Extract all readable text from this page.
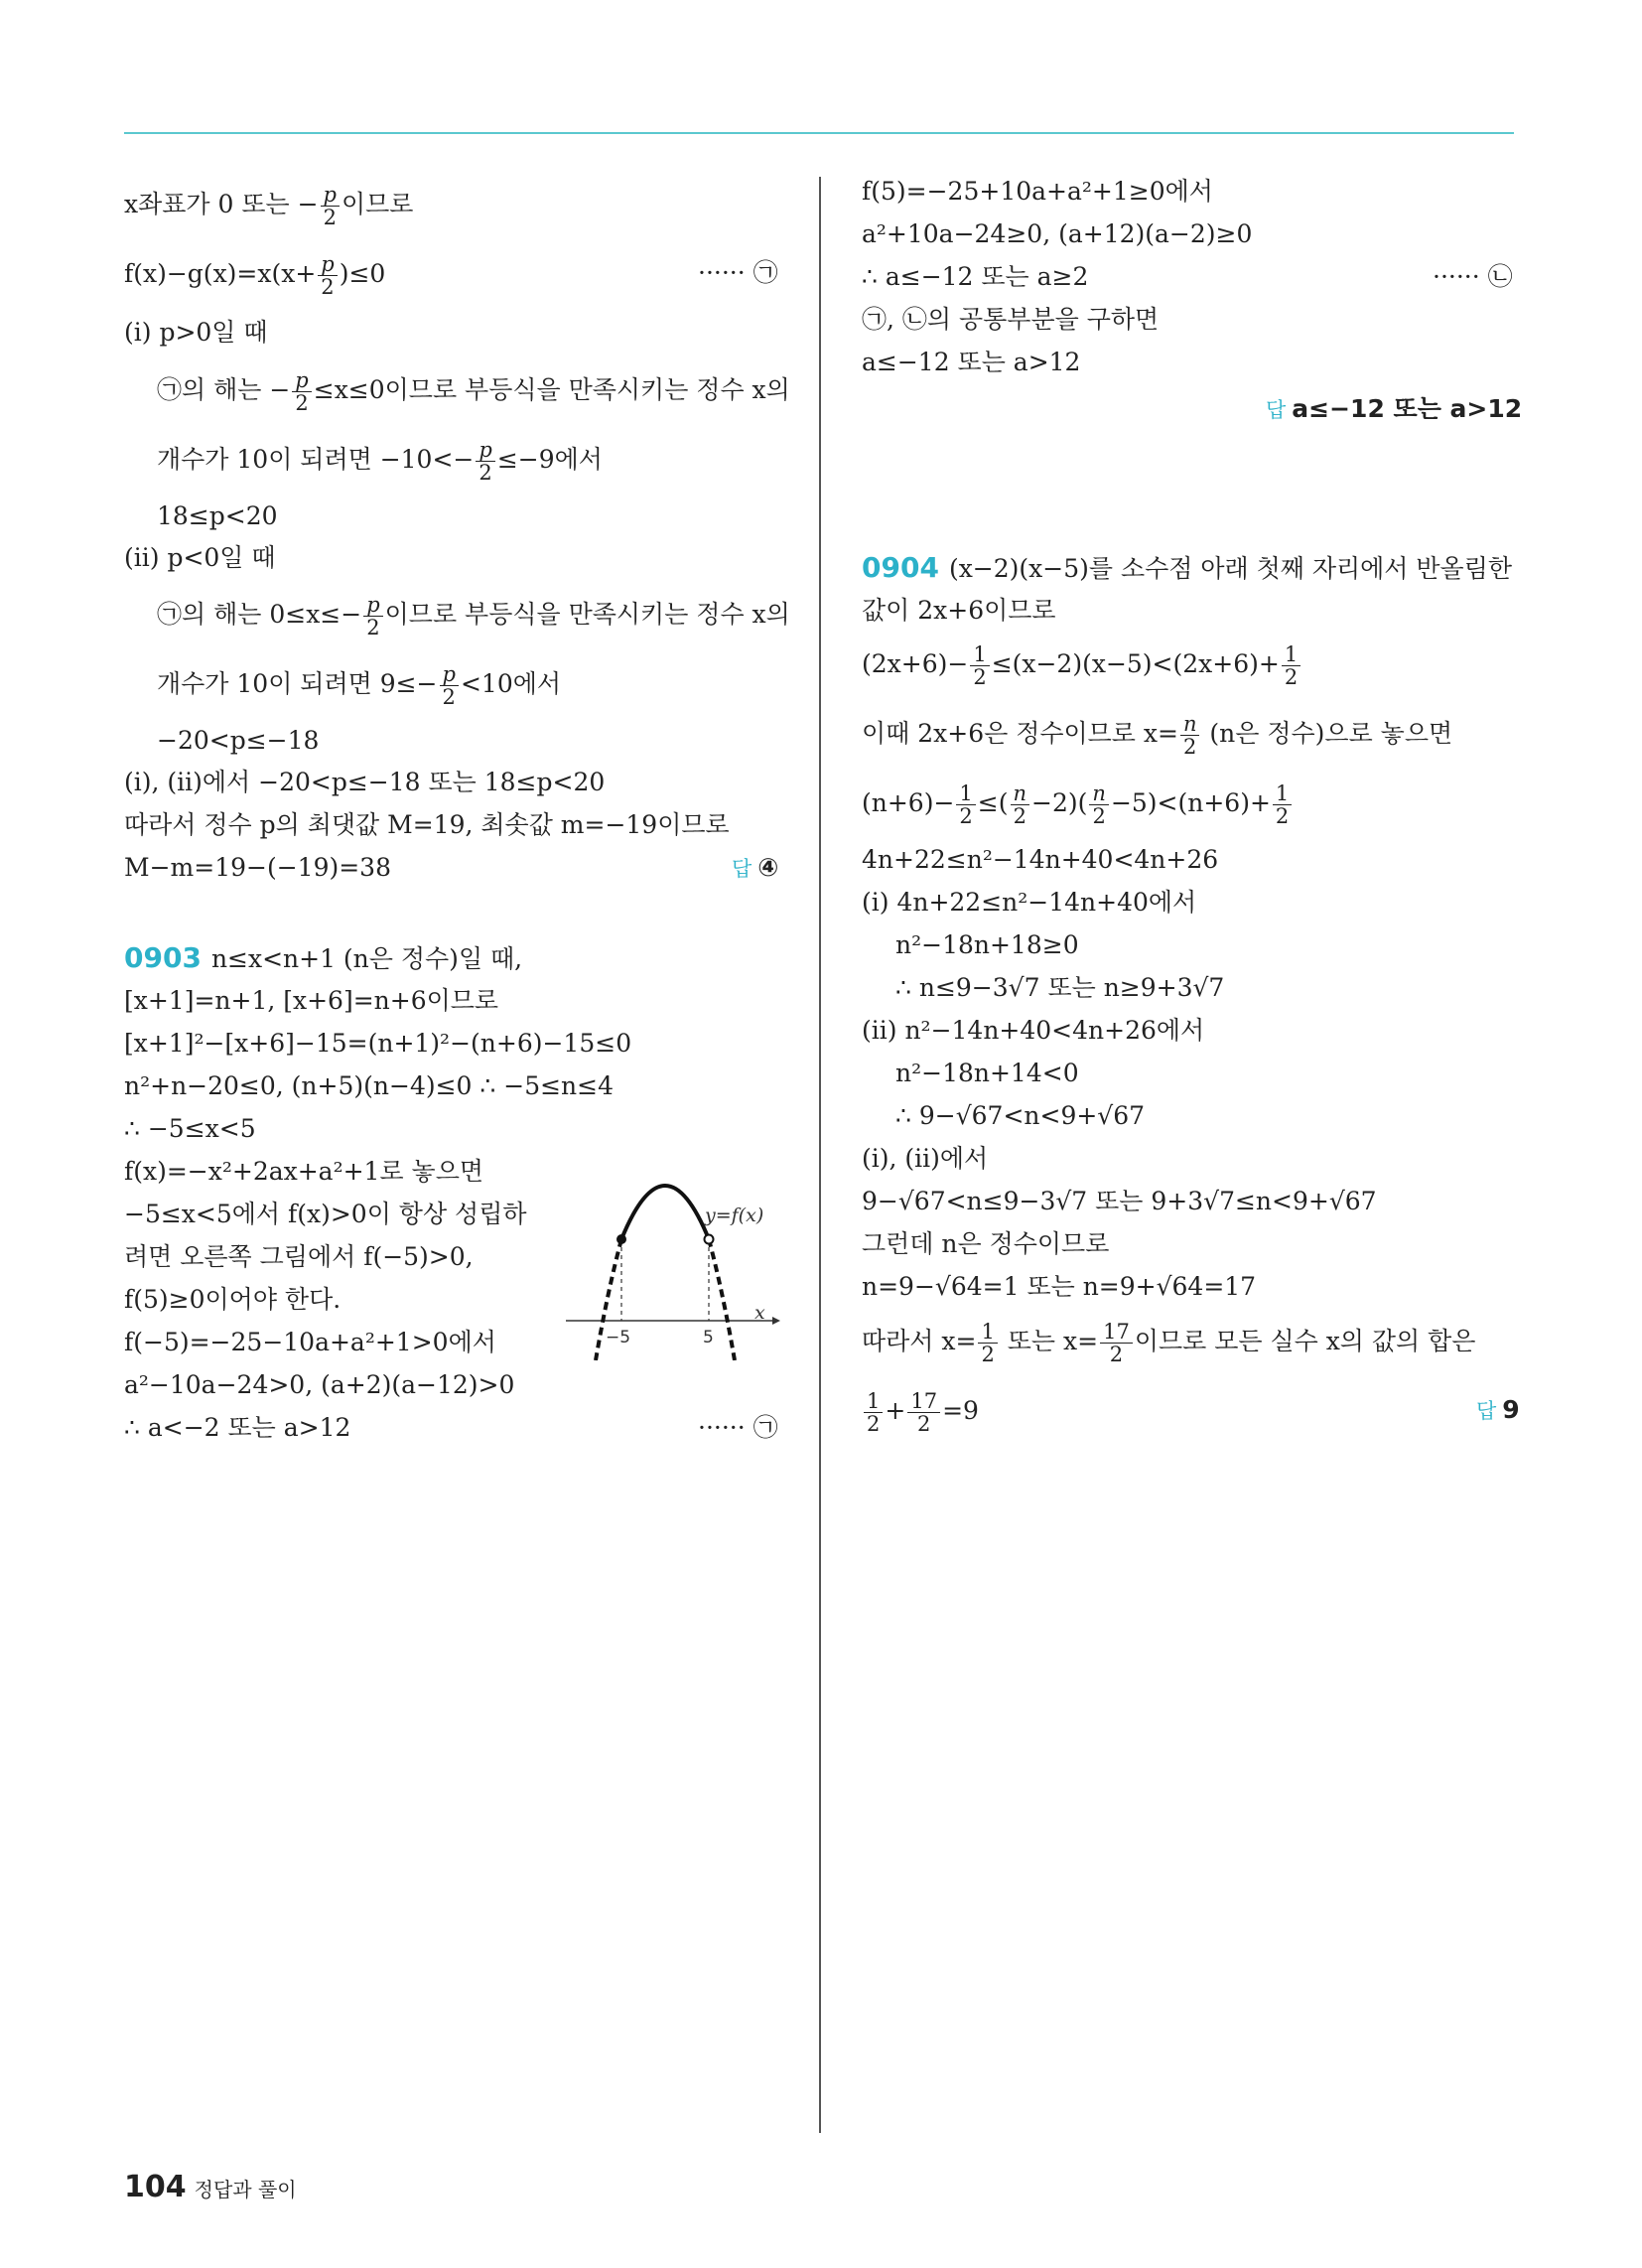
x좌표가 0 또는 − $\frac{p}{2}$ 이므로
$f(x)-g(x)=x(x+ \frac{p}{2} )\le 0$	······ ㉠
(i) p>0일 때
㉠의 해는 − $\frac{p}{2} \le x\le 0$이므로 부등식을 만족시키는 정수 x의
개수가 10이 되려면 $-10<- \frac{p}{2} \le-9$에서
18≤p<20
(ii) p<0일 때
㉠의 해는 $0\le x\le- \frac{p}{2}$ 이므로 부등식을 만족시키는 정수 x의
개수가 10이 되려면 $9\le- \frac{p}{2} <10$에서
−20<p≤−18
(i), (ii)에서 −20<p≤−18 또는 18≤p<20
따라서 정수 p의 최댓값 M=19, 최솟값 m=−19이므로
M−m=19−(−19)=38	답 ④
0903 n≤x<n+1 (n은 정수)일 때,
[x+1]=n+1, [x+6]=n+6이므로
[x+1]²−[x+6]−15=(n+1)²−(n+6)−15≤0
n²+n−20≤0, (n+5)(n−4)≤0 ∴ −5≤n≤4
∴ −5≤x<5
f(x)=−x²+2ax+a²+1로 놓으면
−5≤x<5에서 f(x)>0이 항상 성립하
려면 오른쪽 그림에서 f(−5)>0,
f(5)≥0이어야 한다.
f(−5)=−25−10a+a²+1>0에서
a²−10a−24>0, (a+2)(a−12)>0
∴ a<−2 또는 a>12	······ ㉠
y=f(x)
x
−5	5
f(5)=−25+10a+a²+1≥0에서
a²+10a−24≥0, (a+12)(a−2)≥0
∴ a≤−12 또는 a≥2	······ ㉡
㉠, ㉡의 공통부분을 구하면
a≤−12 또는 a>12
답 a≤−12 또는 a>12
0904 (x−2)(x−5)를 소수점 아래 첫째 자리에서 반올림한
값이 2x+6이므로
$(2x+6)- \frac{1}{2} \le(x-2)(x-5)<(2x+6)+ \frac{1}{2}$
이때 2x+6은 정수이므로 $x= \frac{n}{2} (n$은 정수)으로 놓으면
$(n+6)- \frac{1}{2}$ ≤( $\frac{n}{2} -2)( \frac{n}{2} -5)<(n+6)+ \frac{1}{2}$
4n+22≤n²−14n+40<4n+26
(i) 4n+22≤n²−14n+40에서
n²−18n+18≥0
∴ n≤9−3√7 또는 n≥9+3√7
(ii) n²−14n+40<4n+26에서
n²−18n+14<0
∴ 9−√67<n<9+√67
(i), (ii)에서
9−√67<n≤9−3√7 또는 9+3√7≤n<9+√67
그런데 n은 정수이므로
n=9−√64=1 또는 n=9+√64=17
따라서 $x= \frac{1}{2}$ 또는 $x= \frac{17}{2}$ 이므로 모든 실수 x의 값의 합은
$\frac{1}{2} + \frac{17}{2} =9$	답 9
104 정답과 풀이
